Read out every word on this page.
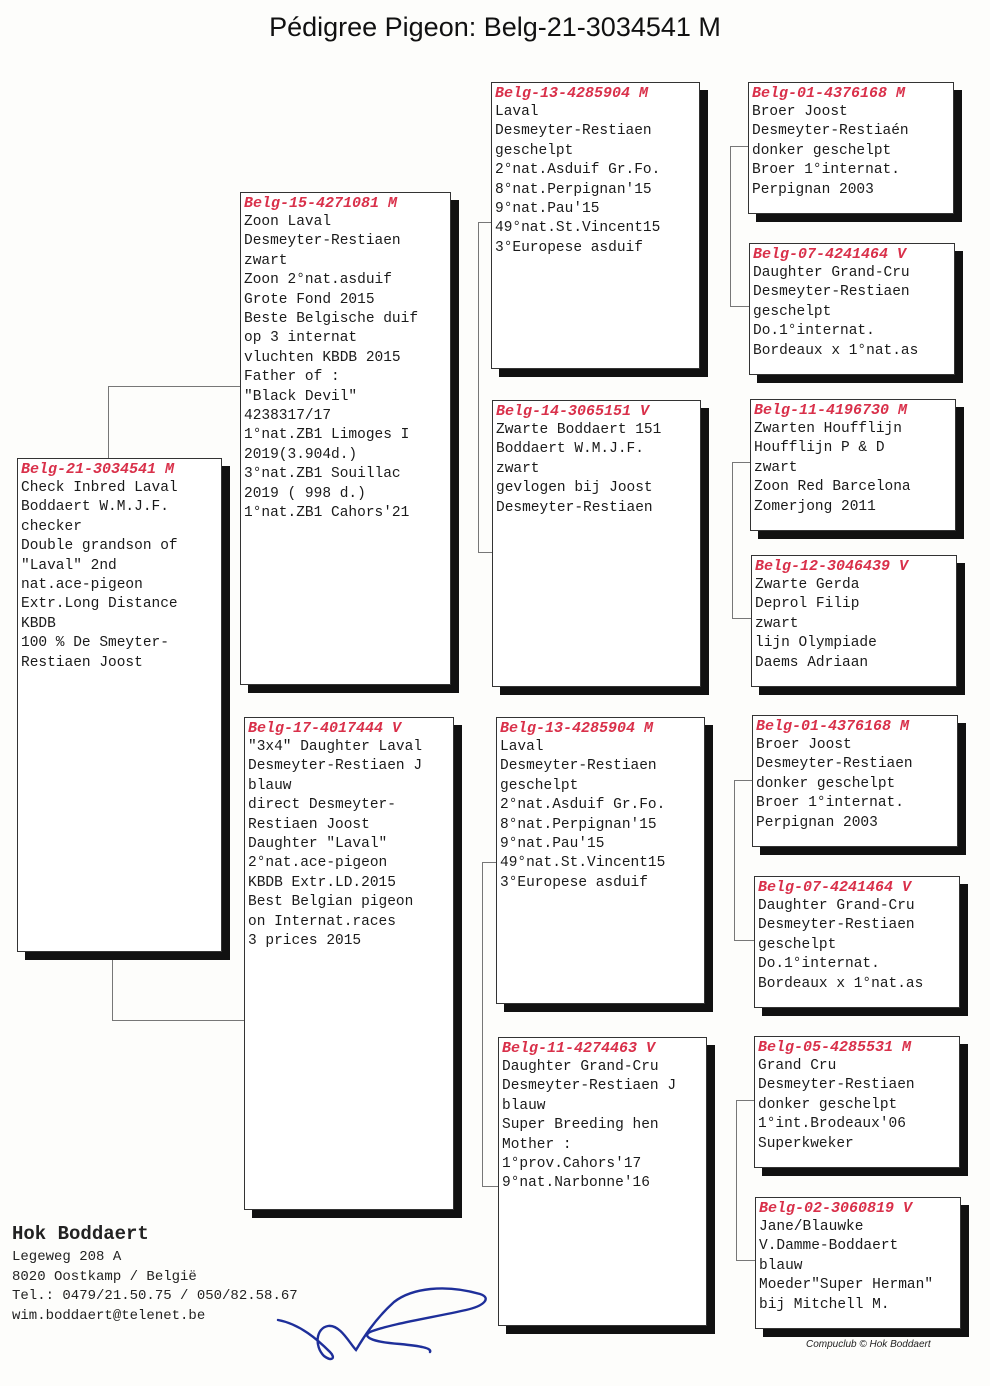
Pédigree Pigeon: Belg-21-3034541 M
Belg-21-3034541 M
Check Inbred Laval
Boddaert W.M.J.F.
checker
Double grandson of
"Laval" 2nd
nat.ace-pigeon
Extr.Long Distance
KBDB
100 % De Smeyter-
Restiaen Joost
Belg-15-4271081 M
Zoon Laval
Desmeyter-Restiaen
zwart
Zoon 2°nat.asduif
Grote Fond 2015
Beste Belgische duif
op 3 internat
vluchten KBDB 2015
Father of :
"Black Devil"
4238317/17
1°nat.ZB1 Limoges I
2019(3.904d.)
3°nat.ZB1 Souillac
2019 ( 998 d.)
1°nat.ZB1 Cahors'21
Belg-17-4017444 V
"3x4" Daughter Laval
Desmeyter-Restiaen J
blauw
direct Desmeyter-
Restiaen Joost
Daughter "Laval"
2°nat.ace-pigeon
KBDB Extr.LD.2015
Best Belgian pigeon
on Internat.races
3 prices 2015
Belg-13-4285904 M
Laval
Desmeyter-Restiaen
geschelpt
2°nat.Asduif Gr.Fo.
8°nat.Perpignan'15
9°nat.Pau'15
49°nat.St.Vincent15
3°Europese asduif
Belg-14-3065151 V
Zwarte Boddaert 151
Boddaert W.M.J.F.
zwart
gevlogen bij Joost
Desmeyter-Restiaen
Belg-13-4285904 M
Laval
Desmeyter-Restiaen
geschelpt
2°nat.Asduif Gr.Fo.
8°nat.Perpignan'15
9°nat.Pau'15
49°nat.St.Vincent15
3°Europese asduif
Belg-11-4274463 V
Daughter Grand-Cru
Desmeyter-Restiaen J
blauw
Super Breeding hen
Mother :
1°prov.Cahors'17
9°nat.Narbonne'16
Belg-01-4376168 M
Broer Joost
Desmeyter-Restiaén
donker geschelpt
Broer 1°internat.
Perpignan 2003
Belg-07-4241464 V
Daughter Grand-Cru
Desmeyter-Restiaen
geschelpt
Do.1°internat.
Bordeaux x 1°nat.as
Belg-11-4196730 M
Zwarten Houfflijn
Houfflijn P & D
zwart
Zoon Red Barcelona
Zomerjong 2011
Belg-12-3046439 V
Zwarte Gerda
Deprol Filip
zwart
lijn Olympiade
Daems Adriaan
Belg-01-4376168 M
Broer Joost
Desmeyter-Restiaen
donker geschelpt
Broer 1°internat.
Perpignan 2003
Belg-07-4241464 V
Daughter Grand-Cru
Desmeyter-Restiaen
geschelpt
Do.1°internat.
Bordeaux x 1°nat.as
Belg-05-4285531 M
Grand Cru
Desmeyter-Restiaen
donker geschelpt
1°int.Brodeaux'06
Superkweker
Belg-02-3060819 V
Jane/Blauwke
V.Damme-Boddaert
blauw
Moeder"Super Herman"
bij Mitchell M.
Hok Boddaert
Legeweg 208 A
8020 Oostkamp / België
Tel.: 0479/21.50.75 / 050/82.58.67
wim.boddaert@telenet.be
Compuclub © Hok Boddaert
